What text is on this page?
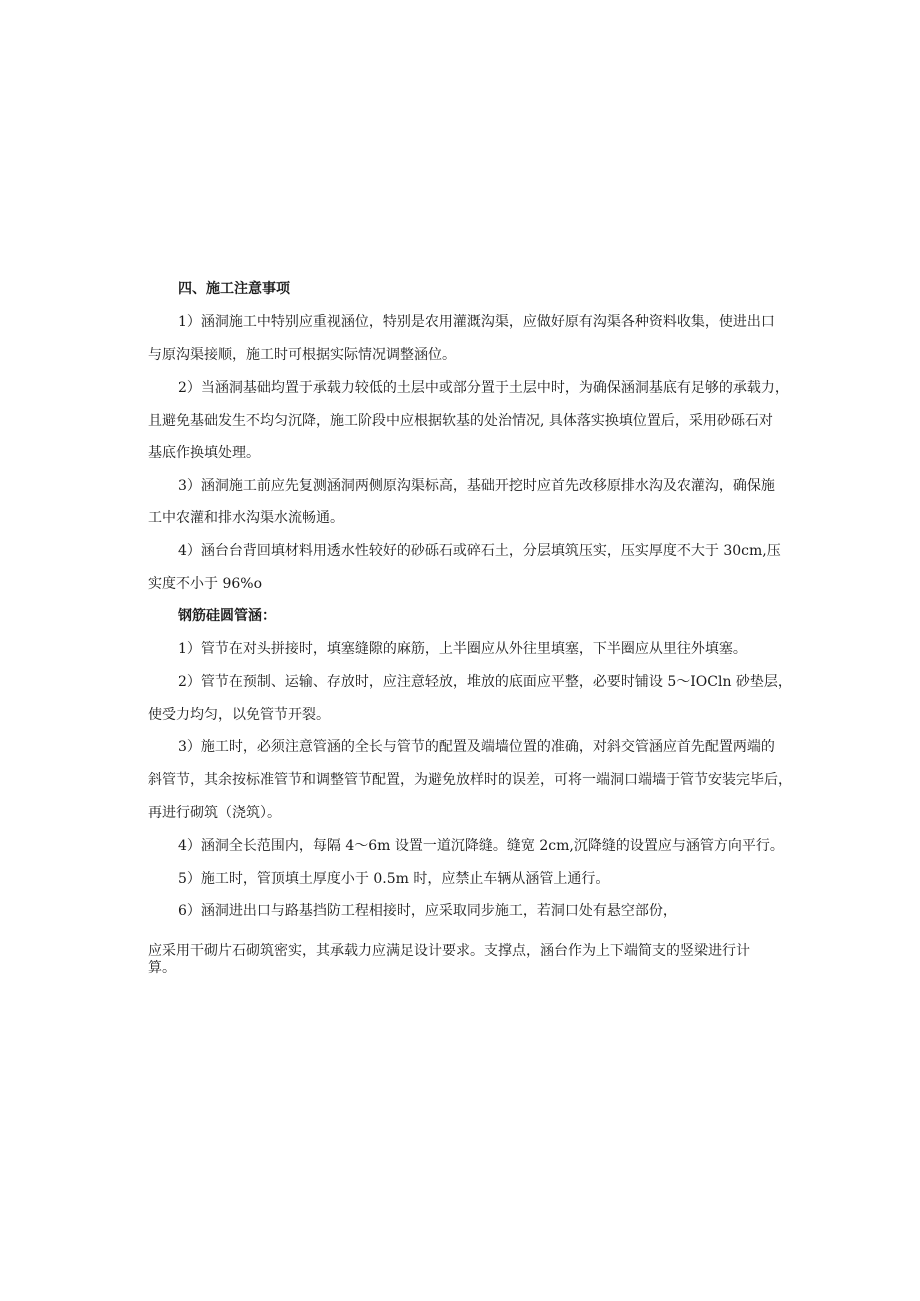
四、施工注意事项

1）涵洞施工中特别应重视涵位，特别是农用灌溉沟渠，应做好原有沟渠各种资料收集，使进出口

与原沟渠接顺，施工时可根据实际情况调整涵位。

2）当涵洞基础均置于承载力较低的土层中或部分置于土层中时，为确保涵洞基底有足够的承载力，

且避免基础发生不均匀沉降，施工阶段中应根据软基的处治情况, 具体落实换填位置后，采用砂砾石对

基底作换填处理。

3）涵洞施工前应先复测涵洞两侧原沟渠标高，基础开挖时应首先改移原排水沟及农灌沟，确保施

工中农灌和排水沟渠水流畅通。

4）涵台台背回填材料用透水性较好的砂砾石或碎石土，分层填筑压实，压实厚度不大于 30cm,压

实度不小于 96%o

钢筋硅圆管涵：

1）管节在对头拼接时，填塞缝隙的麻筋，上半圈应从外往里填塞，下半圈应从里往外填塞。

2）管节在预制、运输、存放时，应注意轻放，堆放的底面应平整，必要时铺设 5～IOCln 砂垫层，

使受力均匀，以免管节开裂。

3）施工时，必须注意管涵的全长与管节的配置及端墙位置的准确，对斜交管涵应首先配置两端的

斜管节，其余按标准管节和调整管节配置，为避免放样时的误差，可将一端洞口端墙于管节安装完毕后，

再进行砌筑（浇筑）。

4）涵洞全长范围内，每隔 4～6m 设置一道沉降缝。缝宽 2cm,沉降缝的设置应与涵管方向平行。

5）施工时，管顶填土厚度小于 0.5m 时，应禁止车辆从涵管上通行。

6）涵洞进出口与路基挡防工程相接时，应采取同步施工，若洞口处有悬空部份，

应采用干砌片石砌筑密实，其承载力应满足设计要求。支撑点，涵台作为上下端简支的竖梁进行计

算。
